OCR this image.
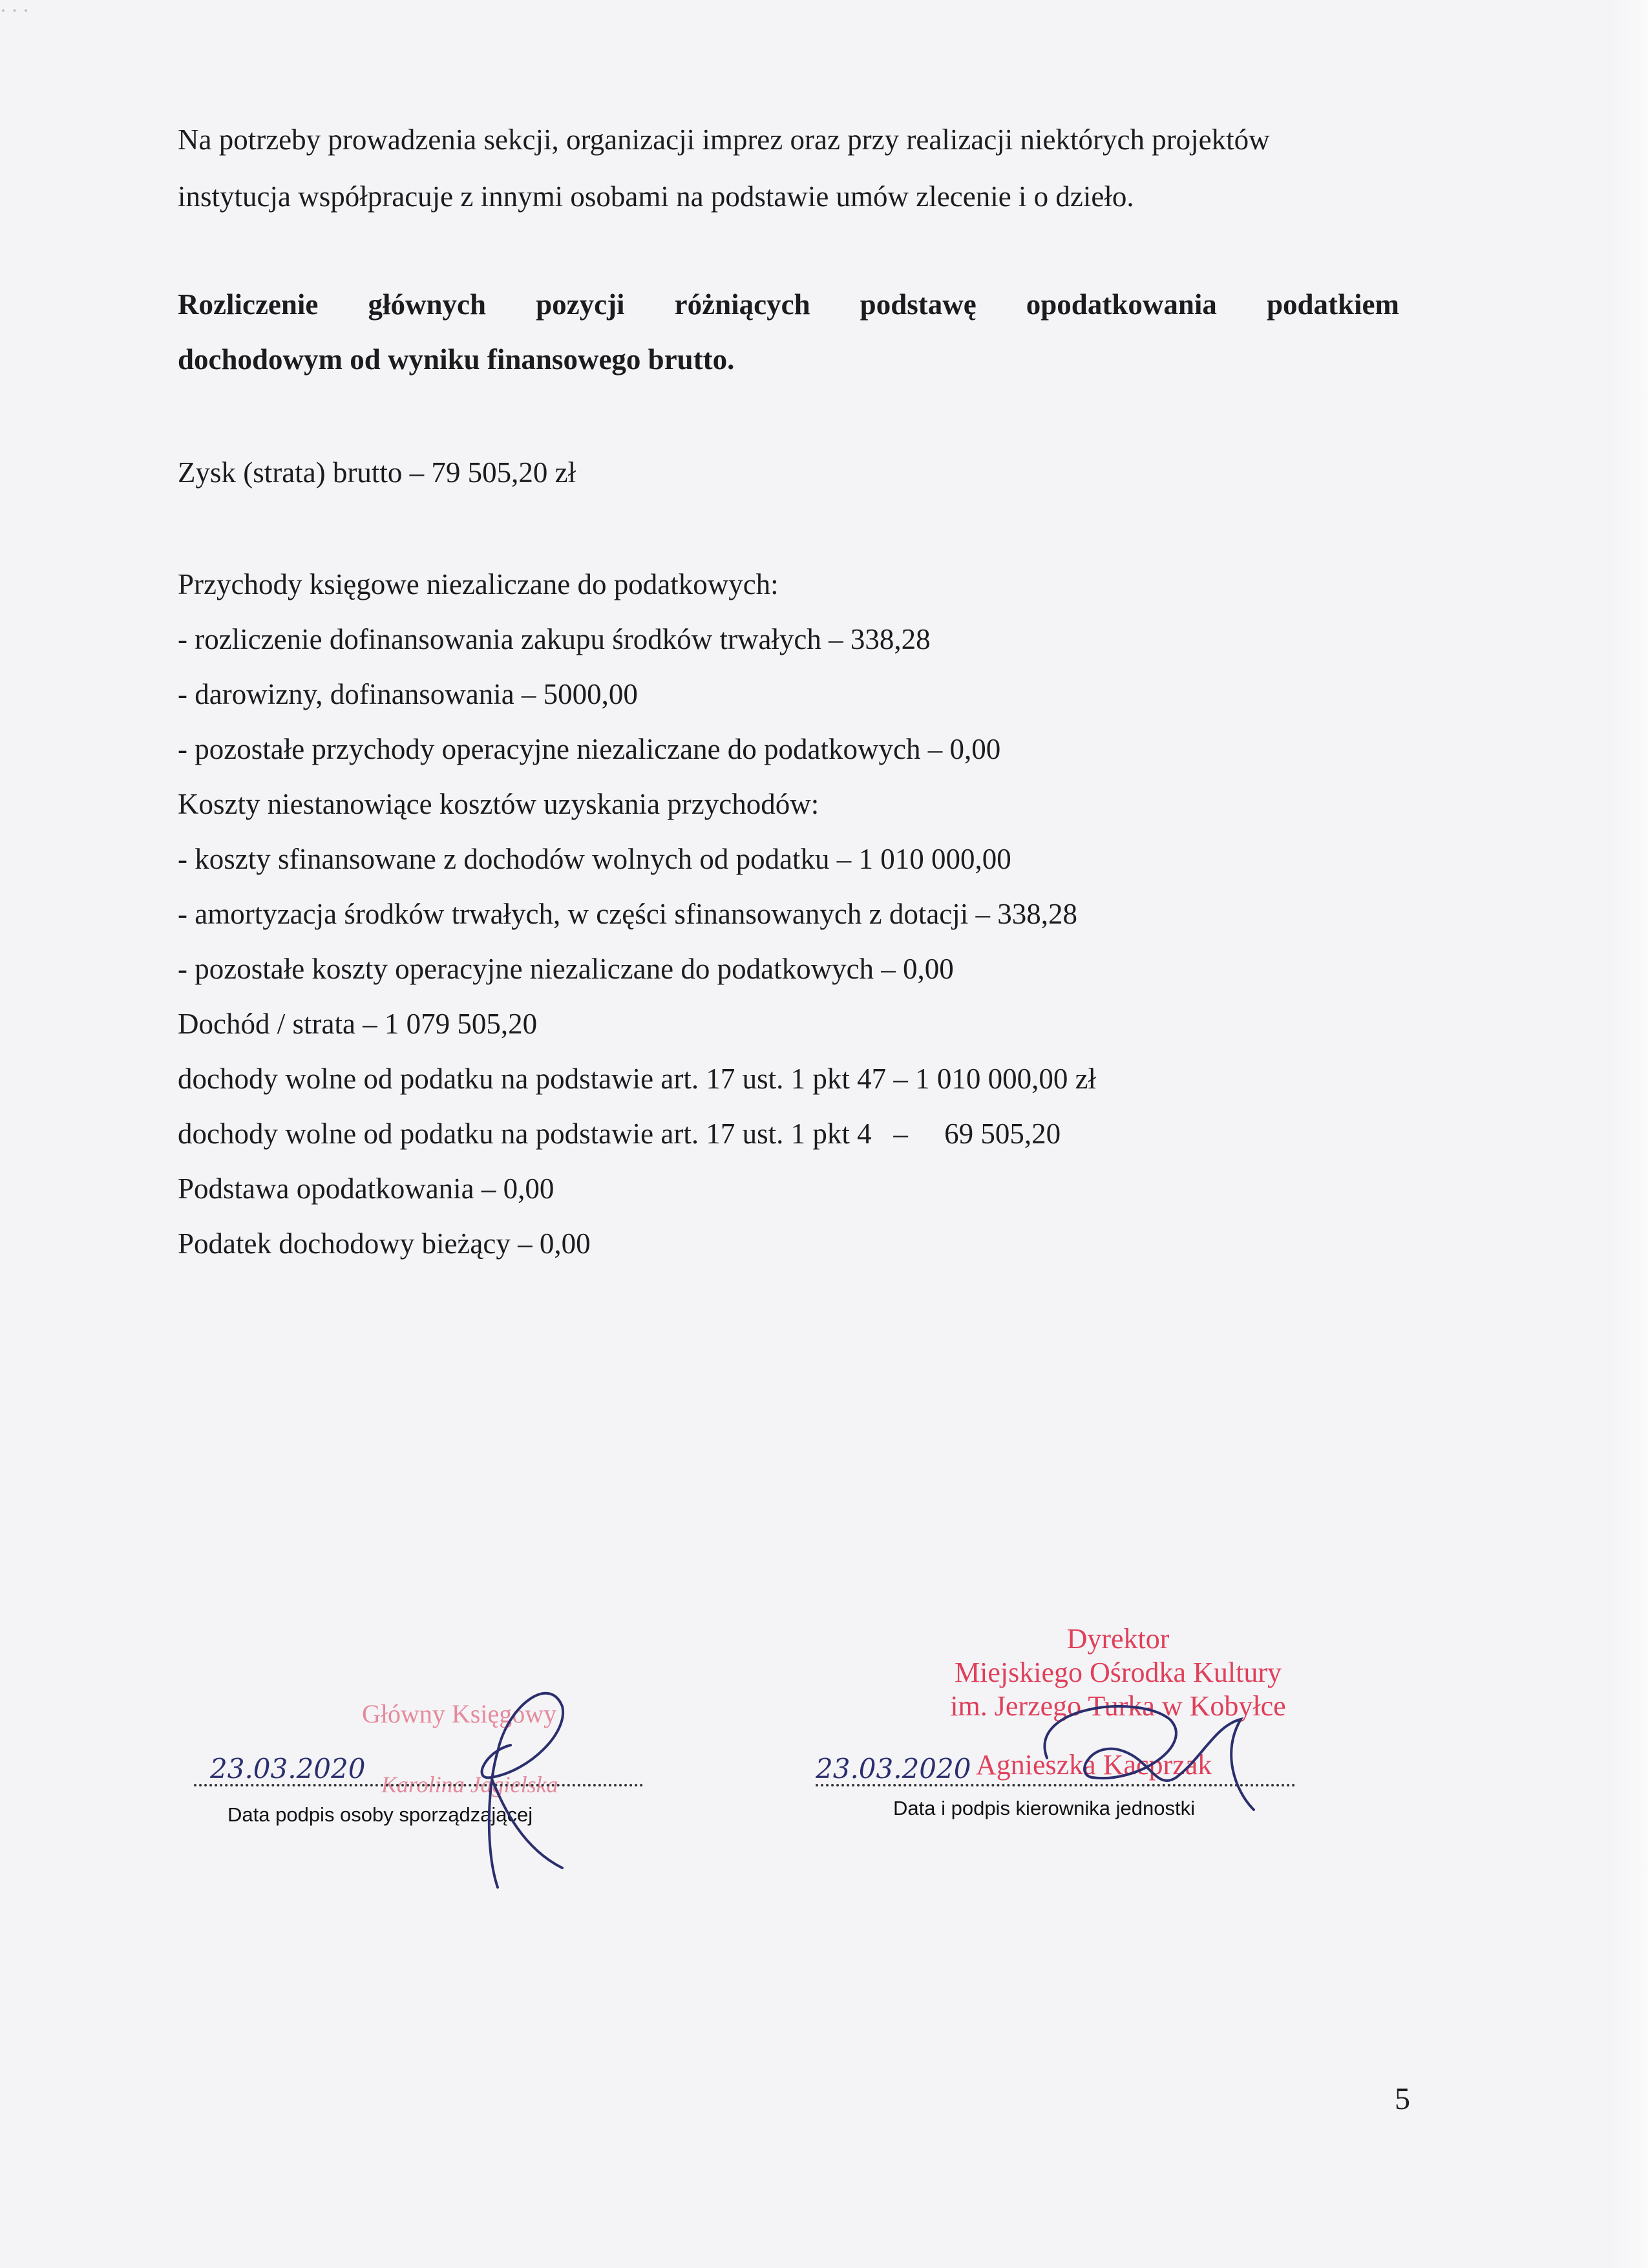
· · ·

Na potrzeby prowadzenia sekcji, organizacji imprez oraz przy realizacji niektórych projektów

instytucja współpracuje z innymi osobami na podstawie umów zlecenie i o dzieło.

Rozliczenie głównych pozycji różniących podstawę opodatkowania podatkiem

dochodowym od wyniku finansowego brutto.

Zysk (strata) brutto – 79 505,20 zł

Przychody księgowe niezaliczane do podatkowych:

- rozliczenie dofinansowania zakupu środków trwałych – 338,28

- darowizny, dofinansowania – 5000,00

- pozostałe przychody operacyjne niezaliczane do podatkowych – 0,00

Koszty niestanowiące kosztów uzyskania przychodów:

- koszty sfinansowane z dochodów wolnych od podatku – 1 010 000,00

- amortyzacja środków trwałych, w części sfinansowanych z dotacji – 338,28

- pozostałe koszty operacyjne niezaliczane do podatkowych – 0,00

Dochód / strata – 1 079 505,20

dochody wolne od podatku na podstawie art. 17 ust. 1 pkt 47 – 1 010 000,00 zł

dochody wolne od podatku na podstawie art. 17 ust. 1 pkt 4   –     69 505,20

Podstawa opodatkowania – 0,00

Podatek dochodowy bieżący – 0,00

Główny Księgowy
Karolina Jagielska
23.03.2020
Data podpis osoby sporządzającej
Dyrektor
Miejskiego Ośrodka Kultury
im. Jerzego Turka w Kobyłce
Agnieszka Kacprzak
23.03.2020
Data i podpis kierownika jednostki
5
